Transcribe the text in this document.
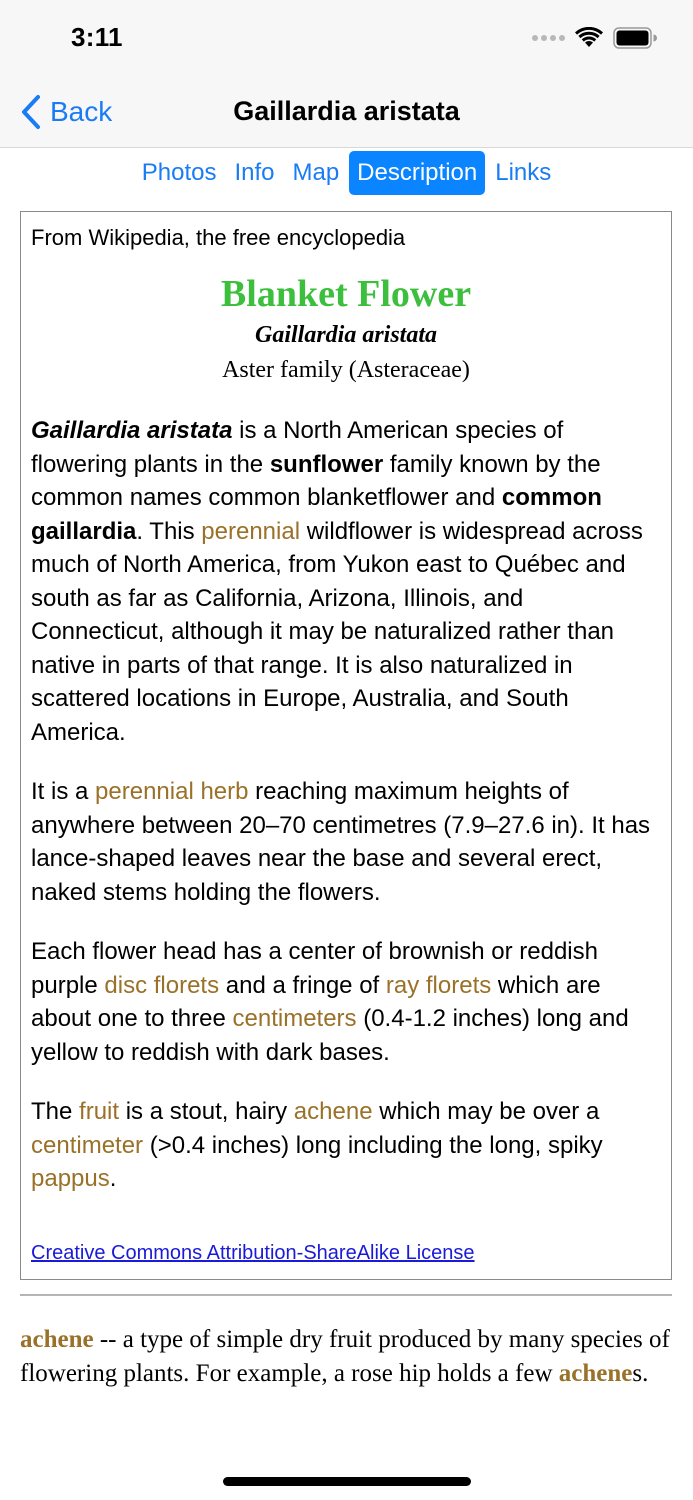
3:11
Back	Gaillardia aristata
Photos Info Map Description Links
From Wikipedia, the free encyclopedia
Blanket Flower
Gaillardia aristata
Aster family (Asteraceae)

Gaillardia aristata is a North American species of flowering plants in the sunflower family known by the common names common blanketflower and common gaillardia. This perennial wildflower is widespread across much of North America, from Yukon east to Québec and south as far as California, Arizona, Illinois, and Connecticut, although it may be naturalized rather than native in parts of that range. It is also naturalized in scattered locations in Europe, Australia, and South America.

It is a perennial herb reaching maximum heights of anywhere between 20–70 centimetres (7.9–27.6 in). It has lance-shaped leaves near the base and several erect, naked stems holding the flowers.

Each flower head has a center of brownish or reddish purple disc florets and a fringe of ray florets which are about one to three centimeters (0.4-1.2 inches) long and yellow to reddish with dark bases.

The fruit is a stout, hairy achene which may be over a centimeter (>0.4 inches) long including the long, spiky pappus.

Creative Commons Attribution-ShareAlike License
achene -- a type of simple dry fruit produced by many species of flowering plants. For example, a rose hip holds a few achenes.
